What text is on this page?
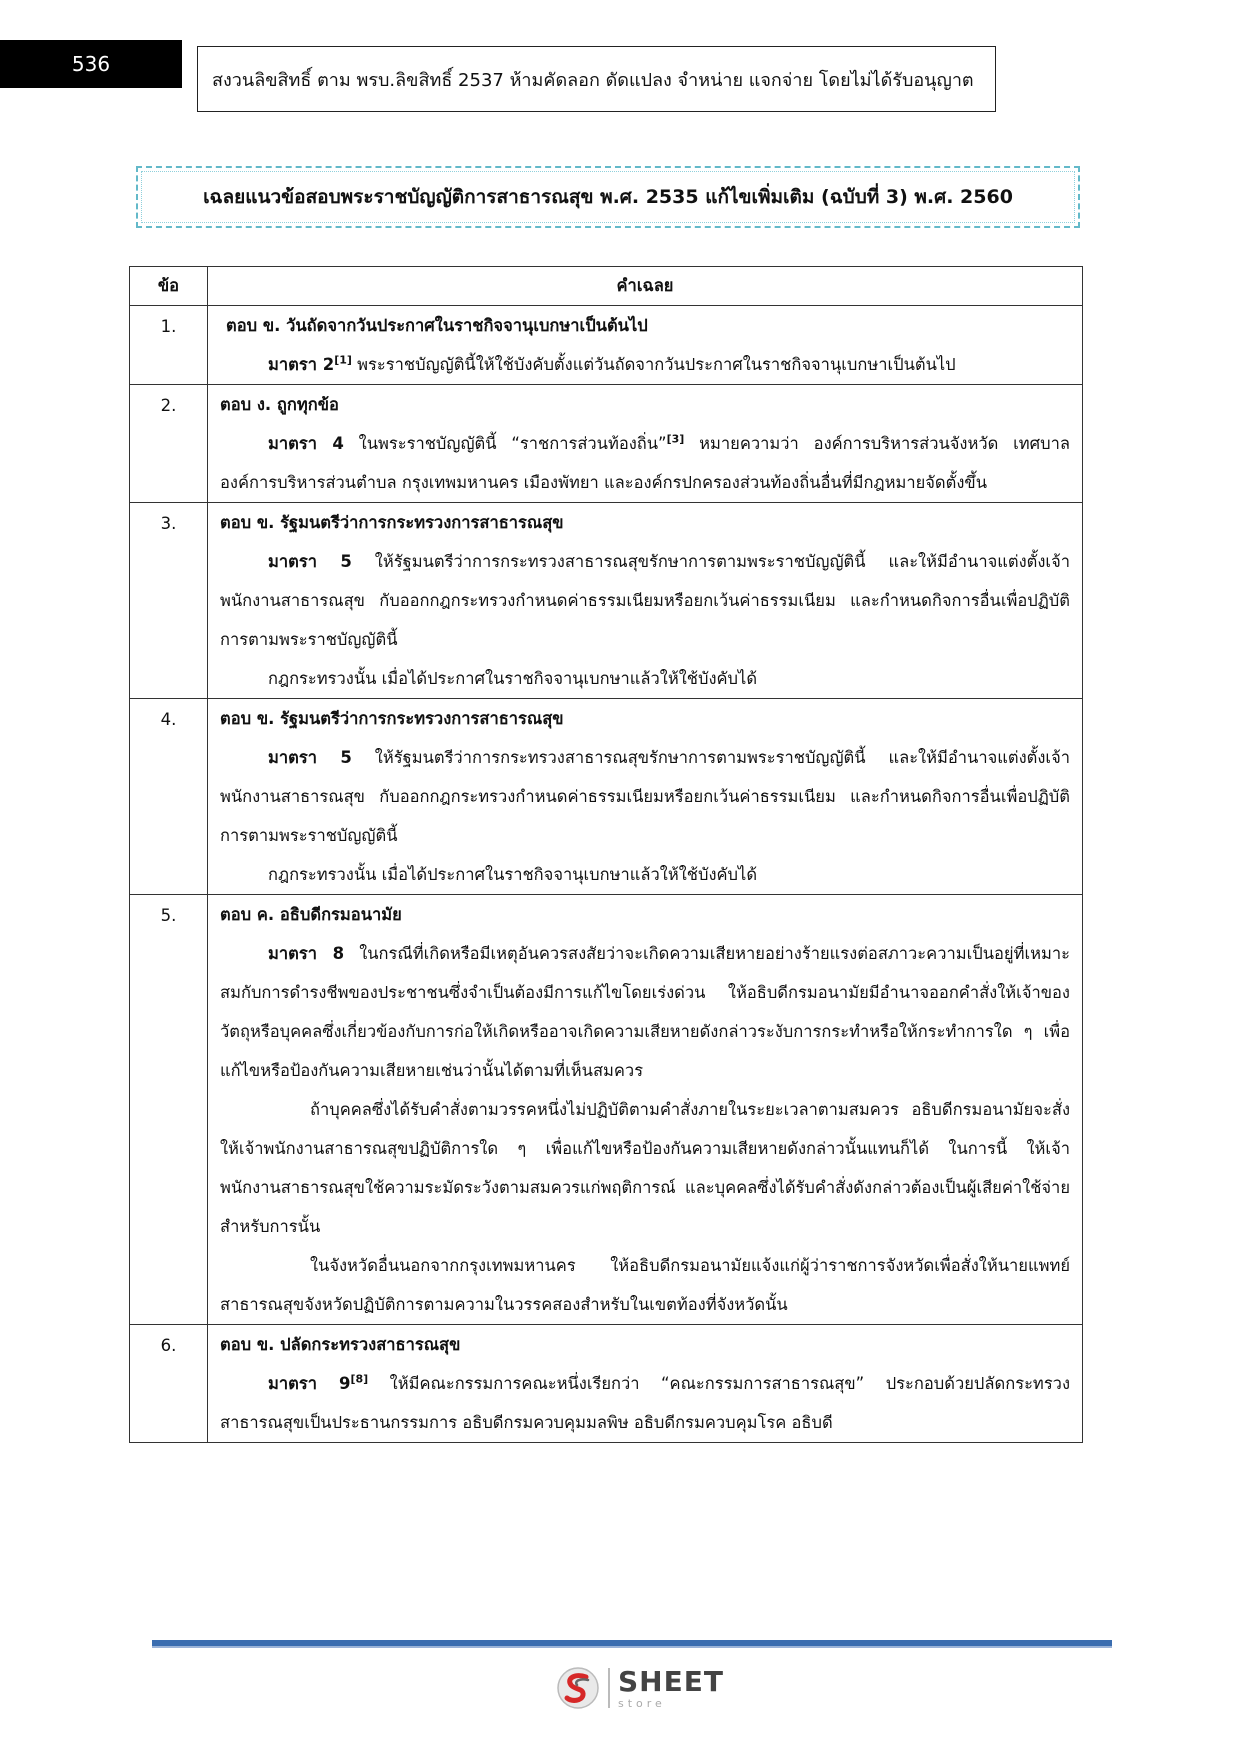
536
สงวนลิขสิทธิ์ ตาม พรบ.ลิขสิทธิ์ 2537 ห้ามคัดลอก ดัดแปลง จำหน่าย แจกจ่าย โดยไม่ได้รับอนุญาต
เฉลยแนวข้อสอบพระราชบัญญัติการสาธารณสุข พ.ศ. 2535 แก้ไขเพิ่มเติม (ฉบับที่ 3) พ.ศ. 2560
ข้อ	คำเฉลย
1.	ตอบ ข. วันถัดจากวันประกาศในราชกิจจานุเบกษาเป็นต้นไป
มาตรา 2[1] พระราชบัญญัตินี้ให้ใช้บังคับตั้งแต่วันถัดจากวันประกาศในราชกิจจานุเบกษาเป็นต้นไป

2.	ตอบ ง. ถูกทุกข้อ
มาตรา 4 ในพระราชบัญญัตินี้ “ราชการส่วนท้องถิ่น”[3] หมายความว่า องค์การบริหารส่วนจังหวัด เทศบาล องค์การบริหารส่วนตำบล กรุงเทพมหานคร เมืองพัทยา และองค์กรปกครองส่วนท้องถิ่นอื่นที่มีกฎหมายจัดตั้งขึ้น

3.	ตอบ ข. รัฐมนตรีว่าการกระทรวงการสาธารณสุข
มาตรา 5 ให้รัฐมนตรีว่าการกระทรวงสาธารณสุขรักษาการตามพระราชบัญญัตินี้ และให้มีอำนาจแต่งตั้งเจ้าพนักงานสาธารณสุข กับออกกฎกระทรวงกำหนดค่าธรรมเนียมหรือยกเว้นค่าธรรมเนียม และกำหนดกิจการอื่นเพื่อปฏิบัติการตามพระราชบัญญัตินี้
กฎกระทรวงนั้น เมื่อได้ประกาศในราชกิจจานุเบกษาแล้วให้ใช้บังคับได้

4.	ตอบ ข. รัฐมนตรีว่าการกระทรวงการสาธารณสุข
มาตรา 5 ให้รัฐมนตรีว่าการกระทรวงสาธารณสุขรักษาการตามพระราชบัญญัตินี้ และให้มีอำนาจแต่งตั้งเจ้าพนักงานสาธารณสุข กับออกกฎกระทรวงกำหนดค่าธรรมเนียมหรือยกเว้นค่าธรรมเนียม และกำหนดกิจการอื่นเพื่อปฏิบัติการตามพระราชบัญญัตินี้
กฎกระทรวงนั้น เมื่อได้ประกาศในราชกิจจานุเบกษาแล้วให้ใช้บังคับได้

5.	ตอบ ค. อธิบดีกรมอนามัย
มาตรา 8 ในกรณีที่เกิดหรือมีเหตุอันควรสงสัยว่าจะเกิดความเสียหายอย่างร้ายแรงต่อสภาวะความเป็นอยู่ที่เหมาะสมกับการดำรงชีพของประชาชนซึ่งจำเป็นต้องมีการแก้ไขโดยเร่งด่วน ให้อธิบดีกรมอนามัยมีอำนาจออกคำสั่งให้เจ้าของวัตถุหรือบุคคลซึ่งเกี่ยวข้องกับการก่อให้เกิดหรืออาจเกิดความเสียหายดังกล่าวระงับการกระทำหรือให้กระทำการใด ๆ เพื่อแก้ไขหรือป้องกันความเสียหายเช่นว่านั้นได้ตามที่เห็นสมควร
ถ้าบุคคลซึ่งได้รับคำสั่งตามวรรคหนึ่งไม่ปฏิบัติตามคำสั่งภายในระยะเวลาตามสมควร อธิบดีกรมอนามัยจะสั่งให้เจ้าพนักงานสาธารณสุขปฏิบัติการใด ๆ เพื่อแก้ไขหรือป้องกันความเสียหายดังกล่าวนั้นแทนก็ได้ ในการนี้ ให้เจ้าพนักงานสาธารณสุขใช้ความระมัดระวังตามสมควรแก่พฤติการณ์ และบุคคลซึ่งได้รับคำสั่งดังกล่าวต้องเป็นผู้เสียค่าใช้จ่ายสำหรับการนั้น
ในจังหวัดอื่นนอกจากกรุงเทพมหานคร ให้อธิบดีกรมอนามัยแจ้งแก่ผู้ว่าราชการจังหวัดเพื่อสั่งให้นายแพทย์สาธารณสุขจังหวัดปฏิบัติการตามความในวรรคสองสำหรับในเขตท้องที่จังหวัดนั้น

6.	ตอบ ข. ปลัดกระทรวงสาธารณสุข
มาตรา 9[8] ให้มีคณะกรรมการคณะหนึ่งเรียกว่า “คณะกรรมการสาธารณสุข” ประกอบด้วยปลัดกระทรวงสาธารณสุขเป็นประธานกรรมการ อธิบดีกรมควบคุมมลพิษ อธิบดีกรมควบคุมโรค อธิบดี
SHEET
store
